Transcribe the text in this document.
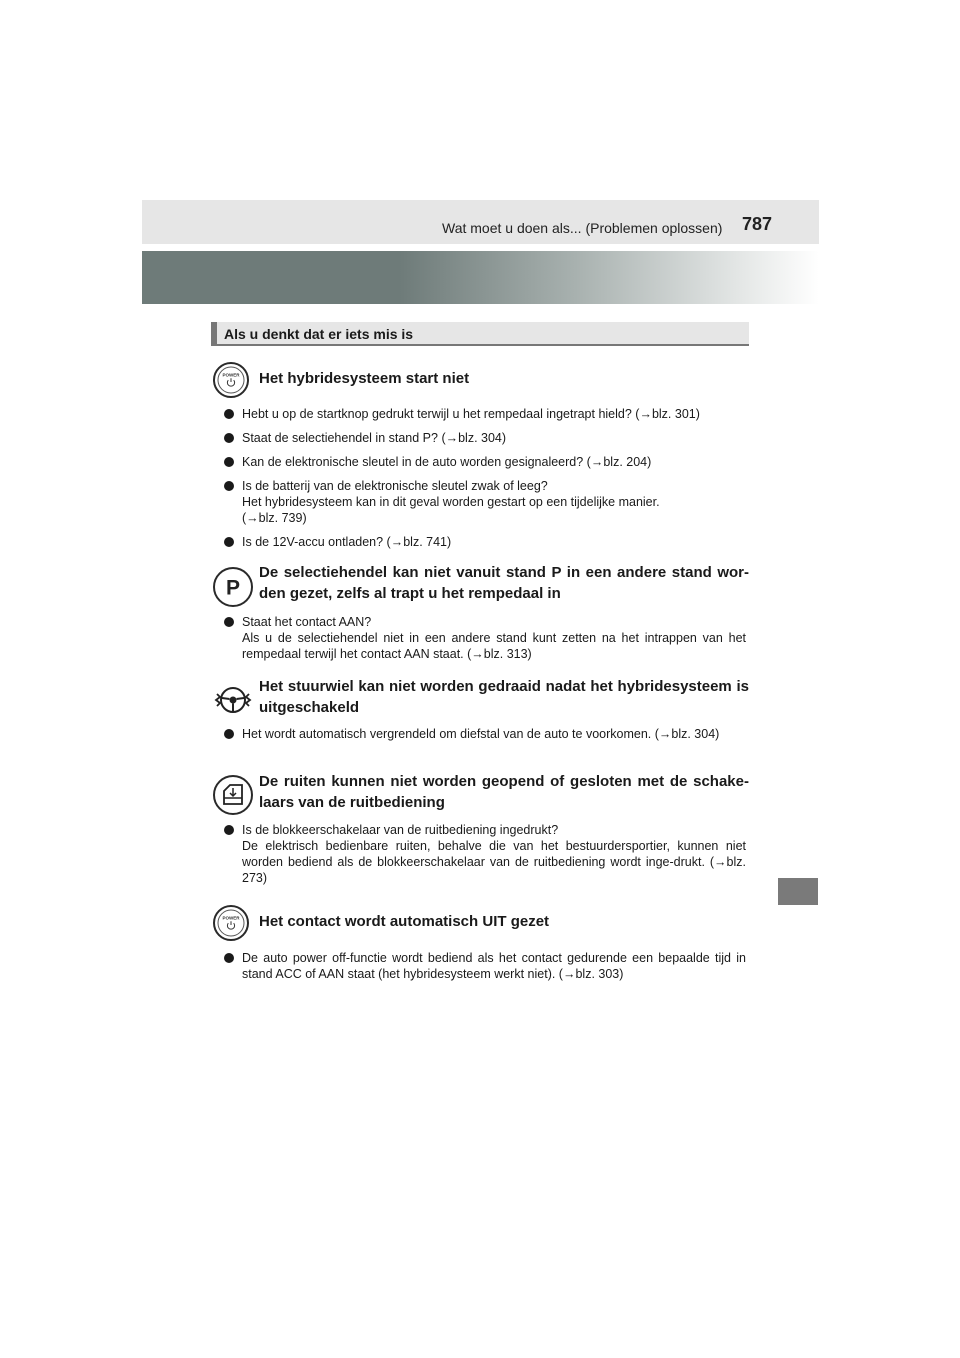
Wat moet u doen als... (Problemen oplossen) 787
Als u denkt dat er iets mis is
POWER Het hybridesysteem start niet

Hebt u op de startknop gedrukt terwijl u het rempedaal ingetrapt hield? (→blz. 301)

Staat de selectiehendel in stand P? (→blz. 304)

Kan de elektronische sleutel in de auto worden gesignaleerd? (→blz. 204)

Is de batterij van de elektronische sleutel zwak of leeg?

Het hybridesysteem kan in dit geval worden gestart op een tijdelijke manier.

(→blz. 739)

Is de 12V-accu ontladen? (→blz. 741)

P
De selectiehendel kan niet vanuit stand P in een andere stand wor-den gezet, zelfs al trapt u het rempedaal in

Staat het contact AAN?

Als u de selectiehendel niet in een andere stand kunt zetten na het intrappen van het rempedaal terwijl het contact AAN staat. (→blz. 313)

Het stuurwiel kan niet worden gedraaid nadat het hybridesysteem is uitgeschakeld

Het wordt automatisch vergrendeld om diefstal van de auto te voorkomen. (→blz. 304)

De ruiten kunnen niet worden geopend of gesloten met de schake-laars van de ruitbediening

Is de blokkeerschakelaar van de ruitbediening ingedrukt?

De elektrisch bedienbare ruiten, behalve die van het bestuurdersportier, kunnen niet worden bediend als de blokkeerschakelaar van de ruitbediening wordt inge-drukt. (→blz. 273)

POWER Het contact wordt automatisch UIT gezet

De auto power off-functie wordt bediend als het contact gedurende een bepaalde tijd in stand ACC of AAN staat (het hybridesysteem werkt niet). (→blz. 303)
